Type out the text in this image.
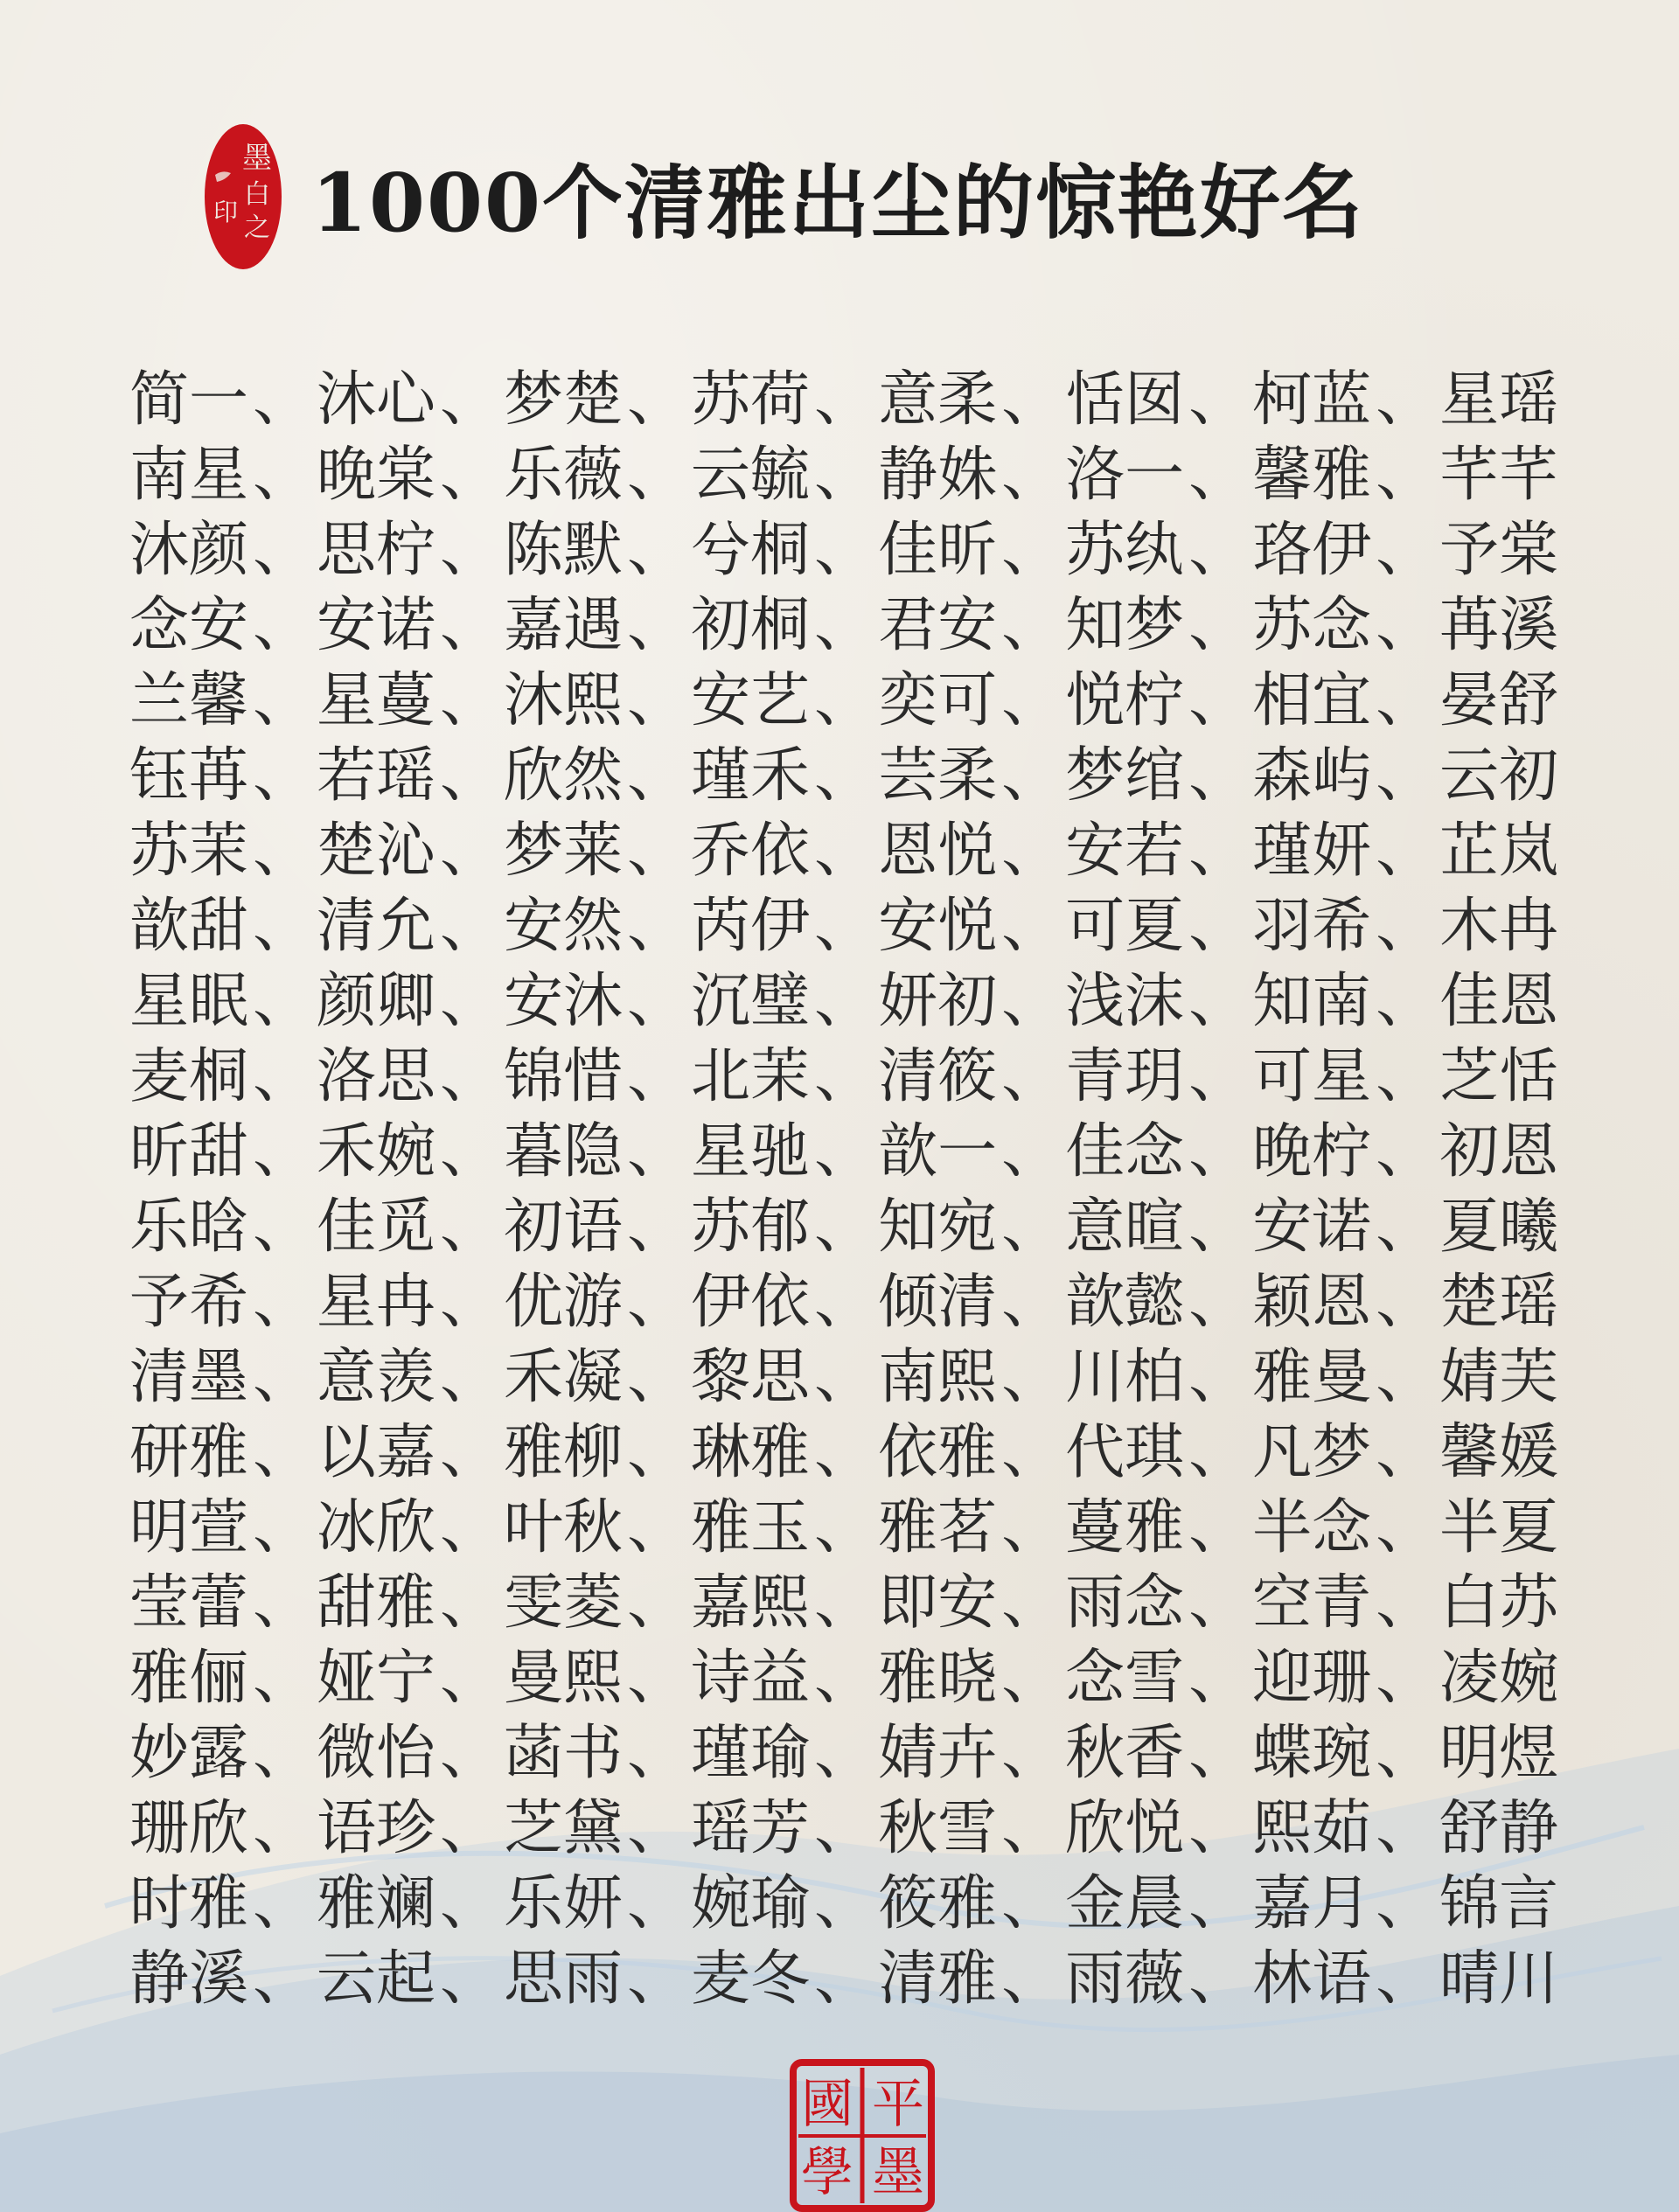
墨
白
之
印 1000个清雅出尘的惊艳好名
简一 、 沐心 、 梦楚 、 苏荷 、 意柔 、 恬囡 、 柯蓝 、 星瑶
南星 、 晚棠 、 乐薇 、 云毓 、 静姝 、 洛一 、 馨雅 、 芊芊
沐颜 、 思柠 、 陈默 、 兮桐 、 佳昕 、 苏纨 、 珞伊 、 予棠
念安 、 安诺 、 嘉遇 、 初桐 、 君安 、 知梦 、 苏念 、 苒溪
兰馨 、 星蔓 、 沐熙 、 安艺 、 奕可 、 悦柠 、 相宜 、 晏舒
钰苒 、 若瑶 、 欣然 、 瑾禾 、 芸柔 、 梦绾 、 森屿 、 云初
苏茉 、 楚沁 、 梦莱 、 乔依 、 恩悦 、 安若 、 瑾妍 、 芷岚
歆甜 、 清允 、 安然 、 芮伊 、 安悦 、 可夏 、 羽希 、 木冉
星眠 、 颜卿 、 安沐 、 沉璧 、 妍初 、 浅沫 、 知南 、 佳恩
麦桐 、 洛思 、 锦惜 、 北茉 、 清筱 、 青玥 、 可星 、 芝恬
昕甜 、 禾婉 、 暮隐 、 星驰 、 歆一 、 佳念 、 晚柠 、 初恩
乐晗 、 佳觅 、 初语 、 苏郁 、 知宛 、 意暄 、 安诺 、 夏曦
予希 、 星冉 、 优游 、 伊依 、 倾清 、 歆懿 、 颖恩 、 楚瑶
清墨 、 意羡 、 禾凝 、 黎思 、 南熙 、 川柏 、 雅曼 、 婧芙
研雅 、 以嘉 、 雅柳 、 琳雅 、 依雅 、 代琪 、 凡梦 、 馨媛
明萱 、 冰欣 、 叶秋 、 雅玉 、 雅茗 、 蔓雅 、 半念 、 半夏
莹蕾 、 甜雅 、 雯菱 、 嘉熙 、 即安 、 雨念 、 空青 、 白苏
雅俪 、 娅宁 、 曼熙 、 诗益 、 雅晓 、 念雪 、 迎珊 、 凌婉
妙露 、 微怡 、 菡书 、 瑾瑜 、 婧卉 、 秋香 、 蝶琬 、 明煜
珊欣 、 语珍 、 芝黛 、 瑶芳 、 秋雪 、 欣悦 、 熙茹 、 舒静
时雅 、 雅斓 、 乐妍 、 婉瑜 、 筱雅 、 金晨 、 嘉月 、 锦言
静溪 、 云起 、 思雨 、 麦冬 、 清雅 、 雨薇 、 林语 、 晴川
平
墨
國
學
